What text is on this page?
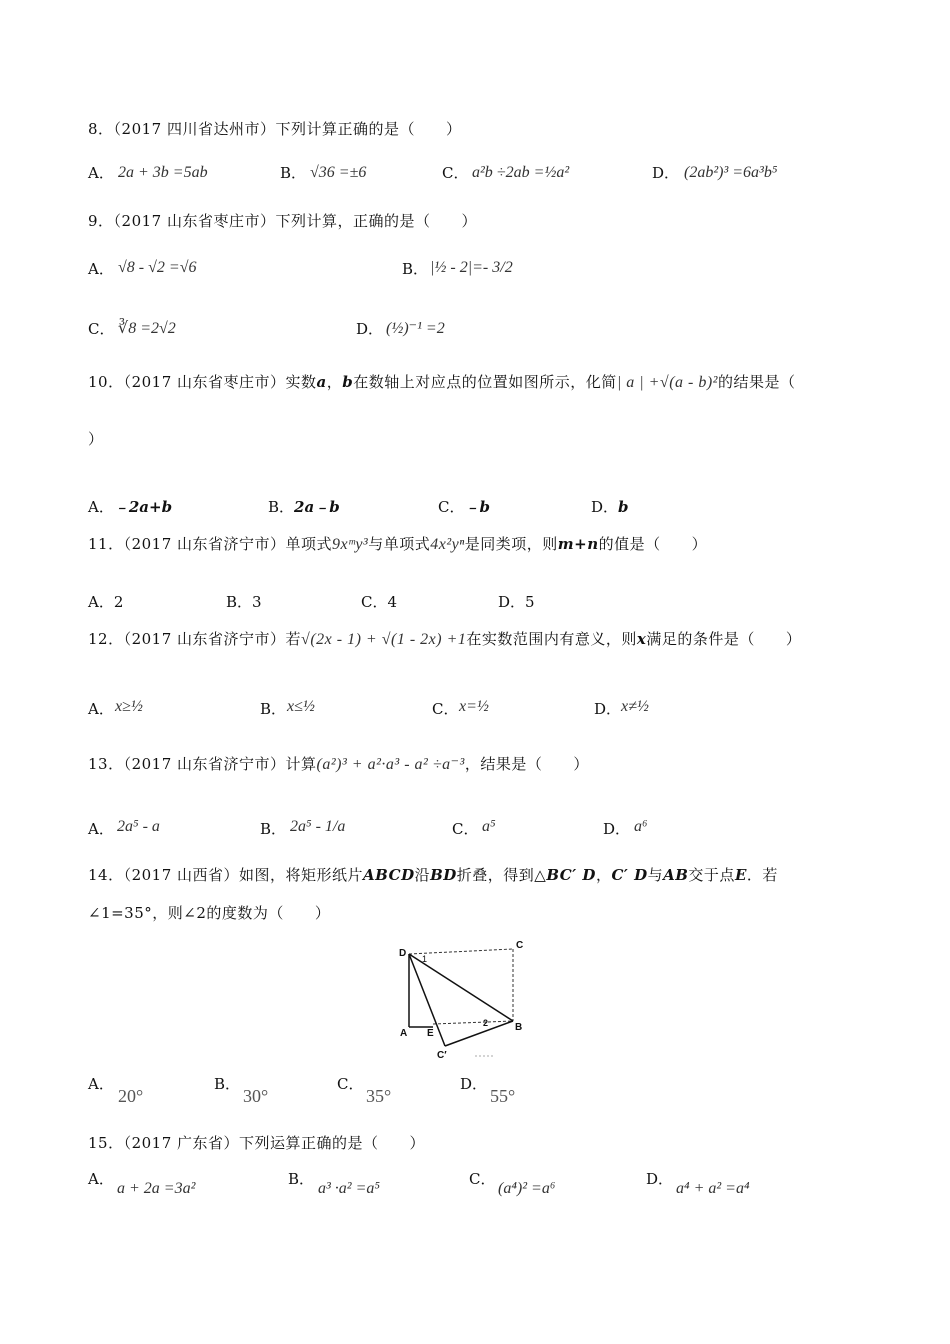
8．（2017 四川省达州市）下列计算正确的是（　　）
A． 2a + 3b =5ab	B． √36 =±6	C． a²b ÷2ab =½a²	D． (2ab²)³ =6a³b⁵
9．（2017 山东省枣庄市）下列计算，正确的是（　　）
A． √8 - √2 =√6	B． |½ - 2|=- 3/2
C． ∛8 =2√2	D． (½)⁻¹ =2
10．（2017 山东省枣庄市）实数a，b在数轴上对应点的位置如图所示，化简| a | +√(a - b)²的结果是（
）
A．﹣2a+b	B．2a﹣b	C．﹣b	D．b
11．（2017 山东省济宁市）单项式9xᵐy³与单项式4x²yⁿ是同类项，则m+n的值是（　　）
A．2	B．3	C．4	D．5
12．（2017 山东省济宁市）若√(2x - 1) + √(1 - 2x) +1在实数范围内有意义，则x满足的条件是（　　）
A． x≥½	B． x≤½	C． x=½	D． x≠½
13．（2017 山东省济宁市）计算(a²)³ + a²·a³ - a² ÷a⁻³，结果是（　　）
A． 2a⁵ - a	B． 2a⁵ - 1/a	C． a⁵	D． a⁶
14．（2017 山西省）如图，将矩形纸片ABCD沿BD折叠，得到△BC′ D，C′ D与AB交于点E．若
∠1=35°，则∠2的度数为（　　）
D
C
A E
B
C′
1
2
A．
20°
B．
30°
C．
35°
D．
55°
15．（2017 广东省）下列运算正确的是（　　）
A．
a + 2a =3a²
B．
a³ ·a² =a⁵
C．
(a⁴)² =a⁶
D．
a⁴ + a² =a⁴
